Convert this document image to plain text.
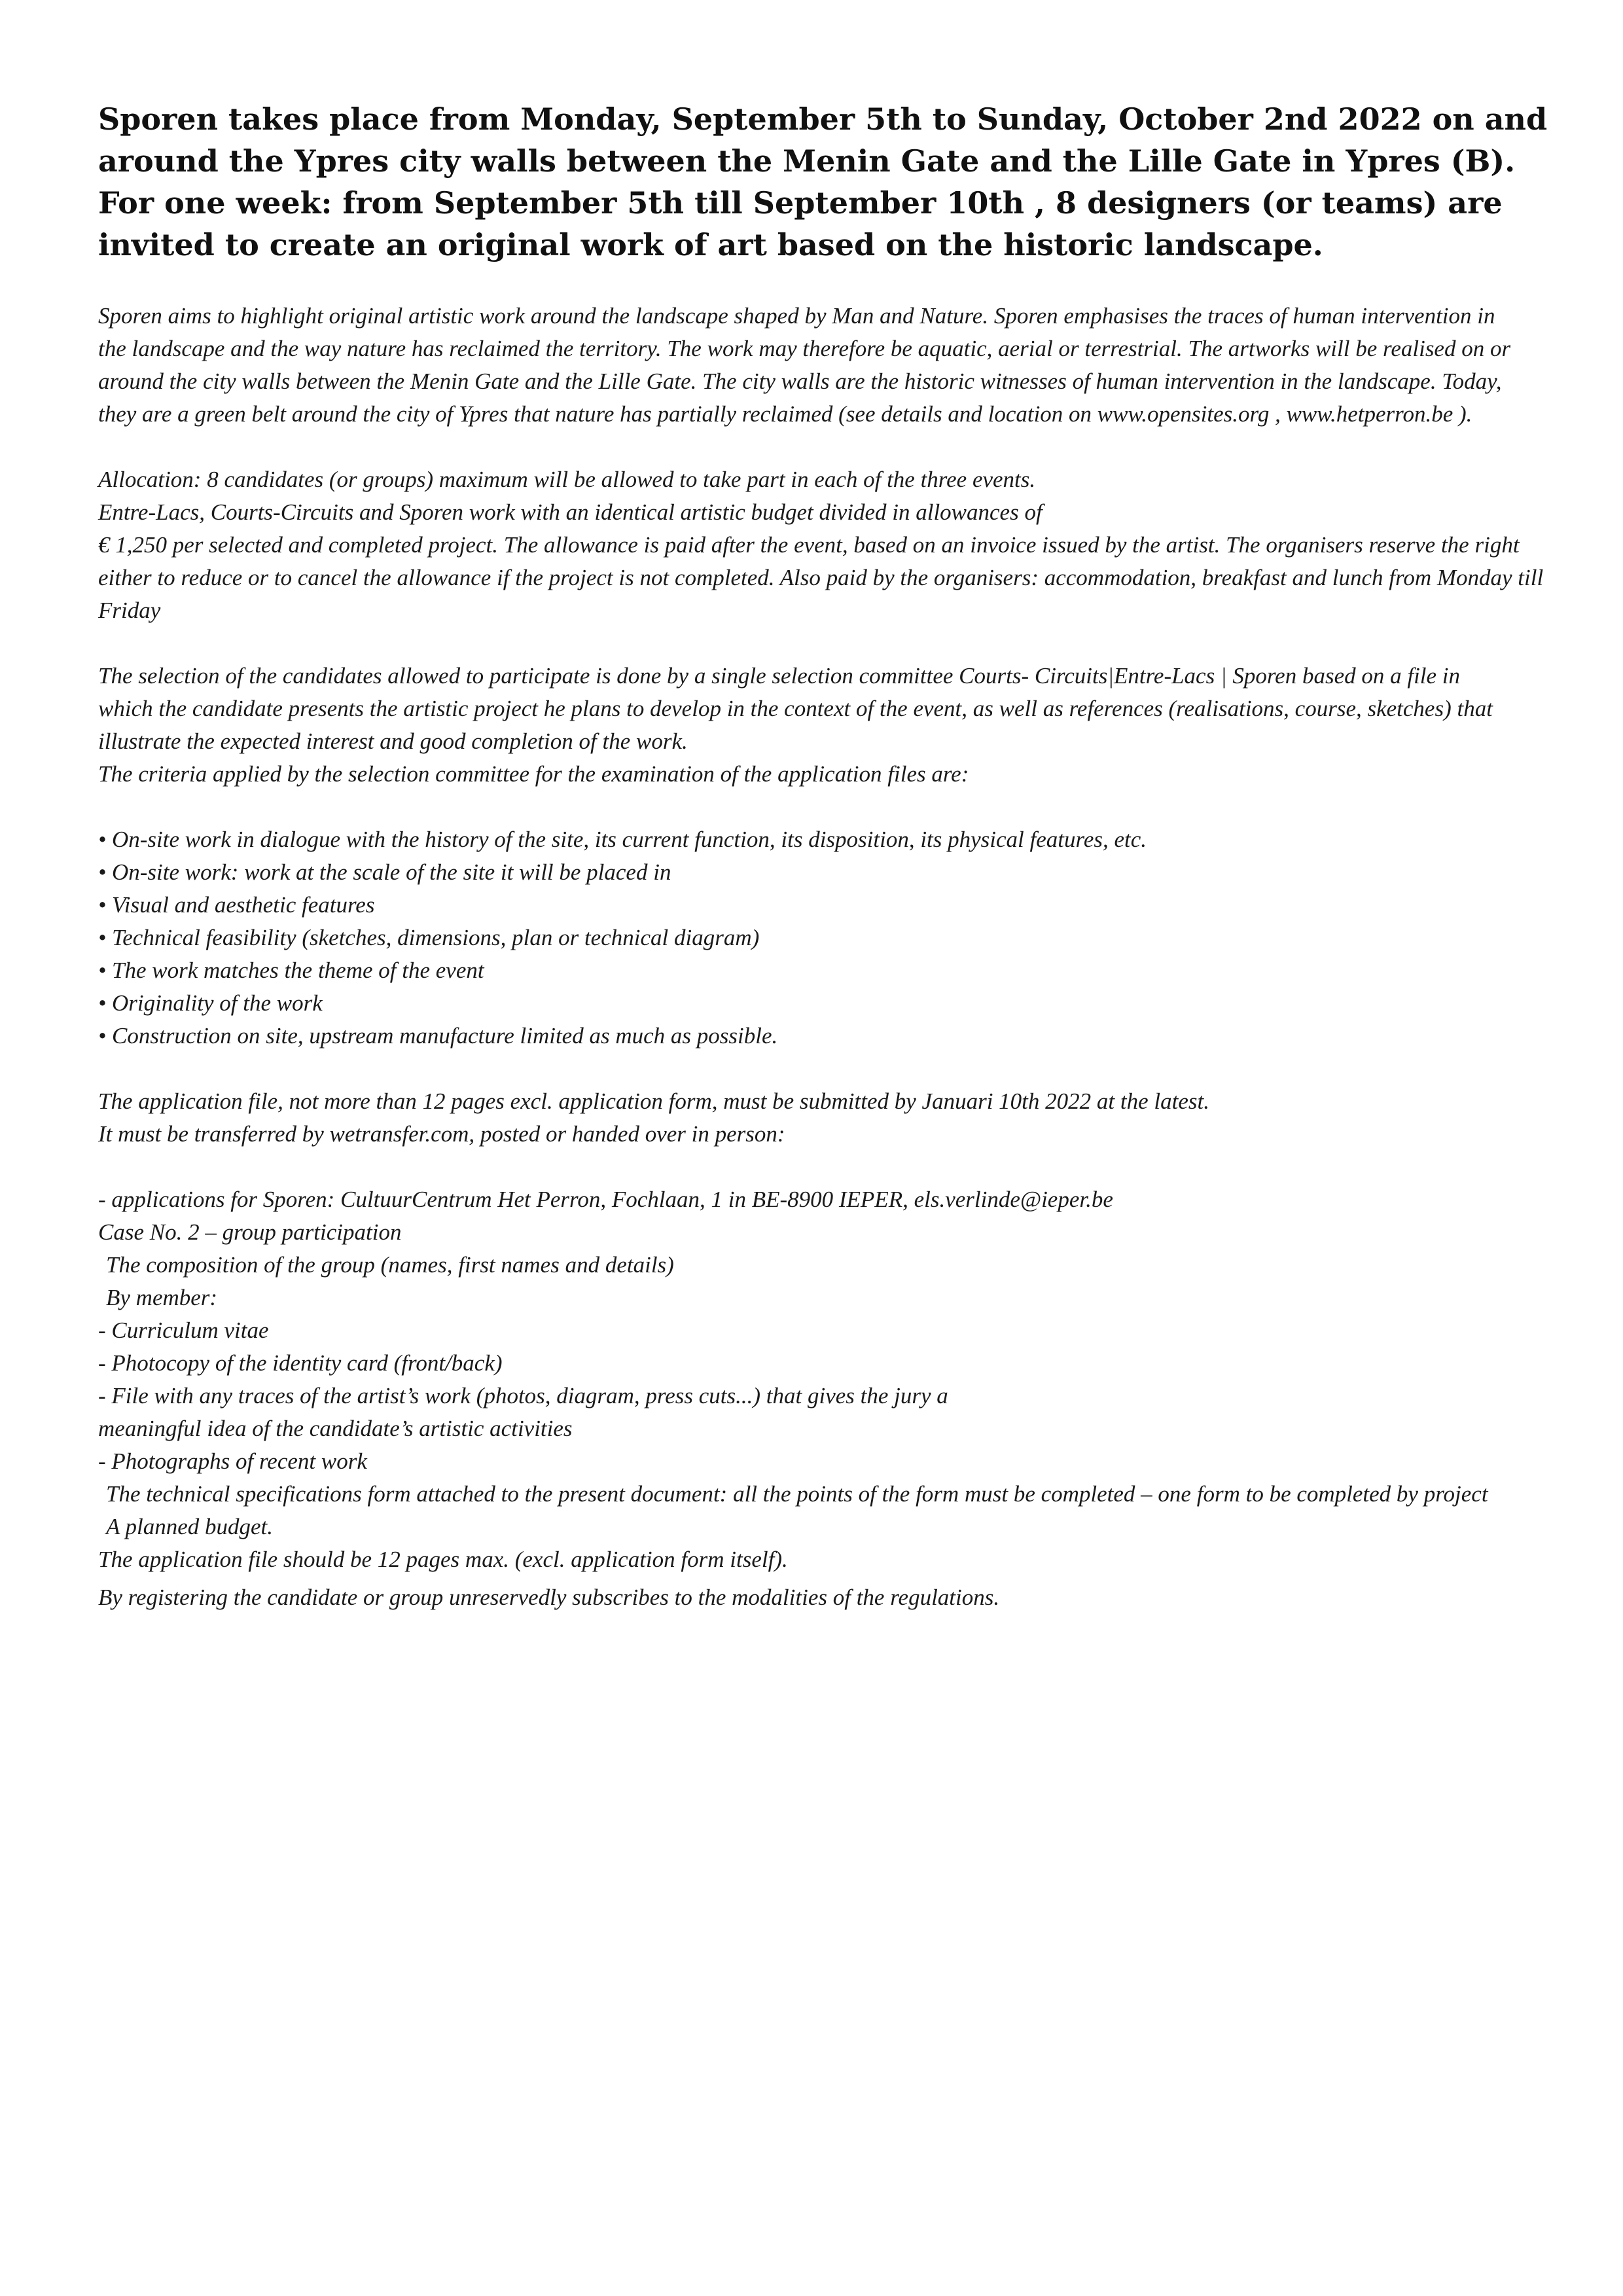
Sporen takes place from Monday, September 5th to Sunday, October 2nd 2022 on and
around the Ypres city walls between the Menin Gate and the Lille Gate in Ypres (B).
For one week: from September 5th till September 10th , 8 designers (or teams) are
invited to create an original work of art based on the historic landscape.

Sporen aims to highlight original artistic work around the landscape shaped by Man and Nature. Sporen emphasises the traces of human intervention in
the landscape and the way nature has reclaimed the territory. The work may therefore be aquatic, aerial or terrestrial. The artworks will be realised on or
around the city walls between the Menin Gate and the Lille Gate. The city walls are the historic witnesses of human intervention in the landscape. Today,
they are a green belt around the city of Ypres that nature has partially reclaimed (see details and location on www.opensites.org , www.hetperron.be ).

Allocation: 8 candidates (or groups) maximum will be allowed to take part in each of the three events.
Entre-Lacs, Courts-Circuits and Sporen work with an identical artistic budget divided in allowances of
€ 1,250 per selected and completed project. The allowance is paid after the event, based on an invoice issued by the artist. The organisers reserve the right
either to reduce or to cancel the allowance if the project is not completed. Also paid by the organisers: accommodation, breakfast and lunch from Monday till
Friday

The selection of the candidates allowed to participate is done by a single selection committee Courts- Circuits|Entre-Lacs | Sporen based on a file in
which the candidate presents the artistic project he plans to develop in the context of the event, as well as references (realisations, course, sketches) that
illustrate the expected interest and good completion of the work.
The criteria applied by the selection committee for the examination of the application files are:

• On-site work in dialogue with the history of the site, its current function, its disposition, its physical features, etc.
• On-site work: work at the scale of the site it will be placed in
• Visual and aesthetic features
• Technical feasibility (sketches, dimensions, plan or technical diagram)
• The work matches the theme of the event
• Originality of the work
• Construction on site, upstream manufacture limited as much as possible.

The application file, not more than 12 pages excl. application form, must be submitted by Januari 10th 2022 at the latest.
It must be transferred by wetransfer.com, posted or handed over in person:

- applications for Sporen: CultuurCentrum Het Perron, Fochlaan, 1 in BE-8900 IEPER, els.verlinde@ieper.be
Case No. 2 – group participation
The composition of the group (names, first names and details)
By member:
- Curriculum vitae
- Photocopy of the identity card (front/back)
- File with any traces of the artist’s work (photos, diagram, press cuts...) that gives the jury a
meaningful idea of the candidate’s artistic activities
- Photographs of recent work
The technical specifications form attached to the present document: all the points of the form must be completed – one form to be completed by project
A planned budget.
The application file should be 12 pages max. (excl. application form itself).

By registering the candidate or group unreservedly subscribes to the modalities of the regulations.
